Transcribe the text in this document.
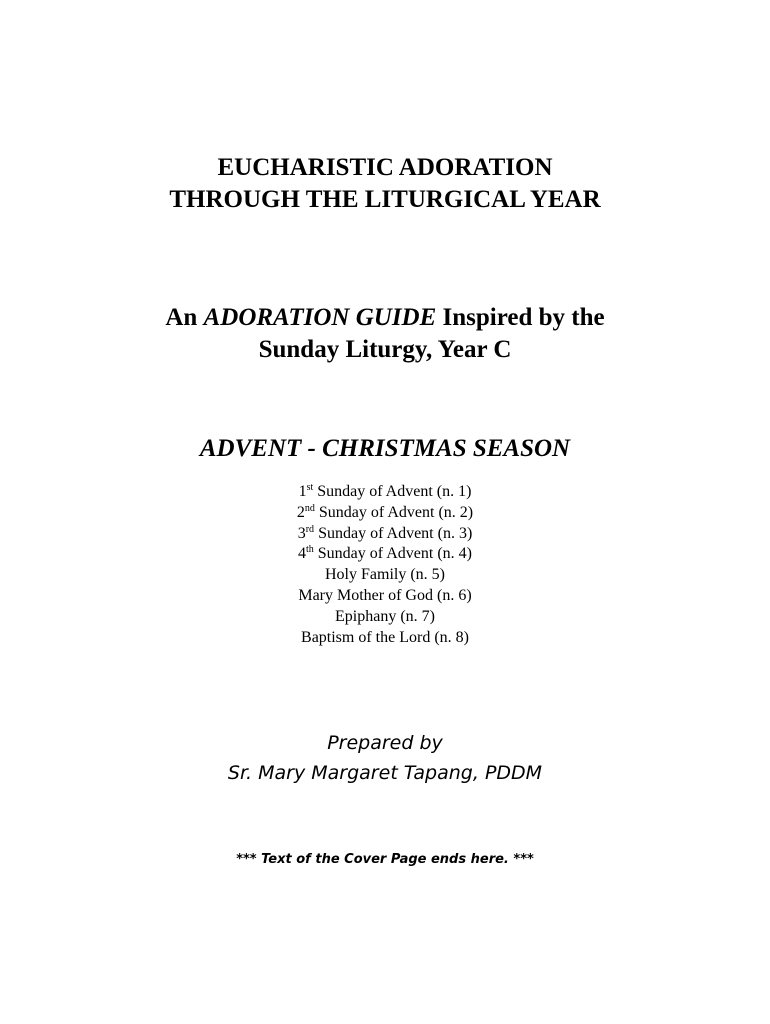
EUCHARISTIC ADORATION
THROUGH THE LITURGICAL YEAR
An ADORATION GUIDE Inspired by the
Sunday Liturgy, Year C
ADVENT - CHRISTMAS SEASON
1st Sunday of Advent (n. 1)
2nd Sunday of Advent (n. 2)
3rd Sunday of Advent (n. 3)
4th Sunday of Advent (n. 4)
Holy Family (n. 5)
Mary Mother of God (n. 6)
Epiphany (n. 7)
Baptism of the Lord (n. 8)
Prepared by
Sr. Mary Margaret Tapang, PDDM
*** Text of the Cover Page ends here. ***
